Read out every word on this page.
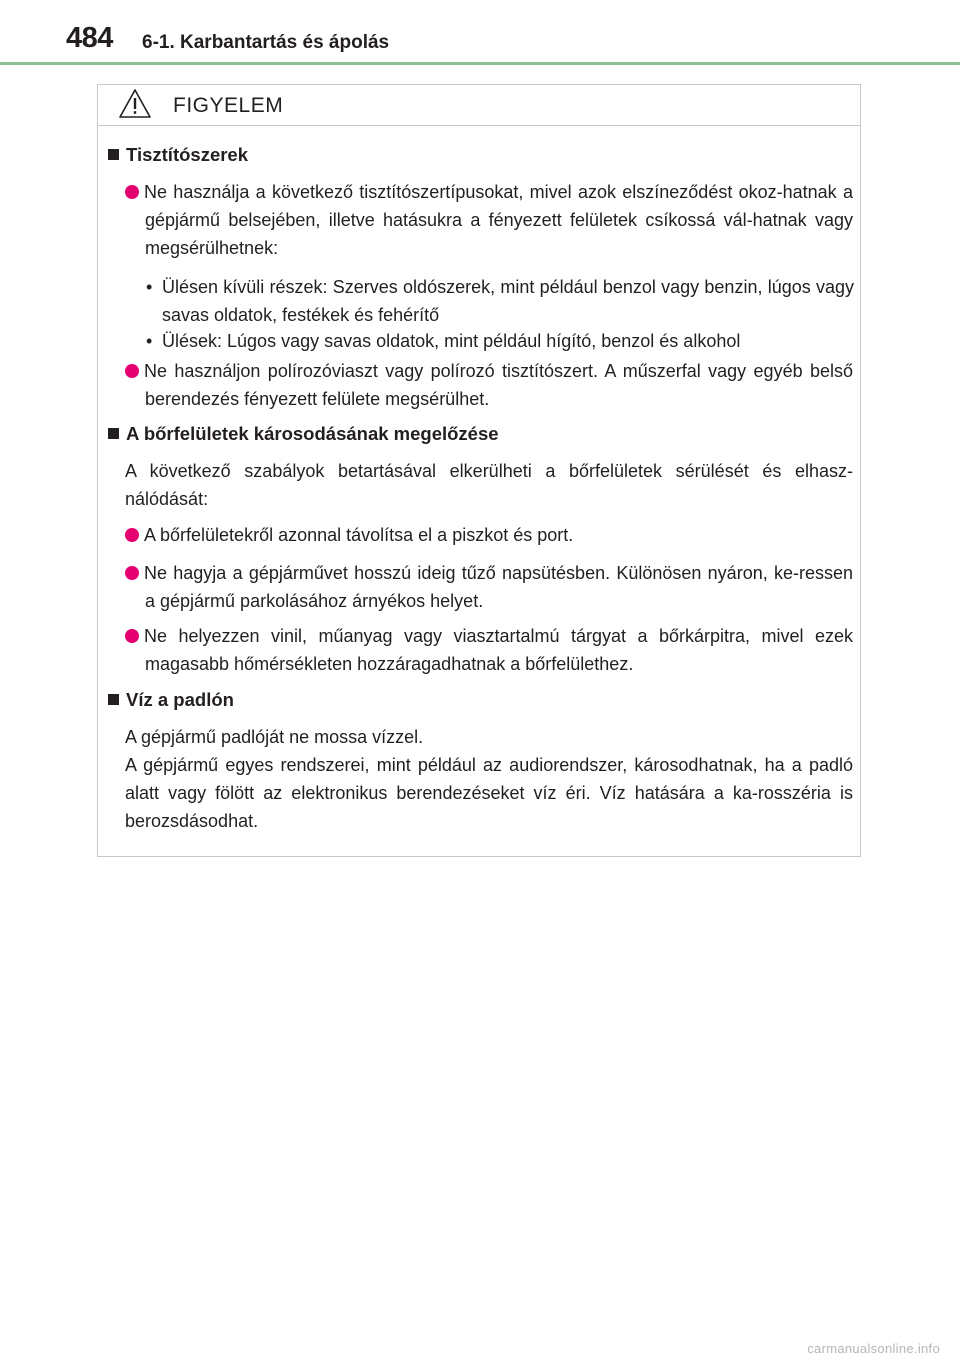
484 6-1. Karbantartás és ápolás
FIGYELEM
Tisztítószerek
Ne használja a következő tisztítószertípusokat, mivel azok elszíneződést okoz-hatnak a gépjármű belsejében, illetve hatásukra a fényezett felületek csíkossá vál-hatnak vagy megsérülhetnek:
• Ülésen kívüli részek: Szerves oldószerek, mint például benzol vagy benzin, lúgos vagy savas oldatok, festékek és fehérítő
• Ülések: Lúgos vagy savas oldatok, mint például hígító, benzol és alkohol
Ne használjon polírozóviaszt vagy polírozó tisztítószert. A műszerfal vagy egyéb belső berendezés fényezett felülete megsérülhet.
A bőrfelületek károsodásának megelőzése
A következő szabályok betartásával elkerülheti a bőrfelületek sérülését és elhasz-nálódását:
A bőrfelületekről azonnal távolítsa el a piszkot és port.
Ne hagyja a gépjárművet hosszú ideig tűző napsütésben. Különösen nyáron, ke-ressen a gépjármű parkolásához árnyékos helyet.
Ne helyezzen vinil, műanyag vagy viasztartalmú tárgyat a bőrkárpitra, mivel ezek magasabb hőmérsékleten hozzáragadhatnak a bőrfelülethez.
Víz a padlón
A gépjármű padlóját ne mossa vízzel.
A gépjármű egyes rendszerei, mint például az audiorendszer, károsodhatnak, ha a padló alatt vagy fölött az elektronikus berendezéseket víz éri. Víz hatására a ka-rosszéria is berozsdásodhat.
carmanualsonline.info
